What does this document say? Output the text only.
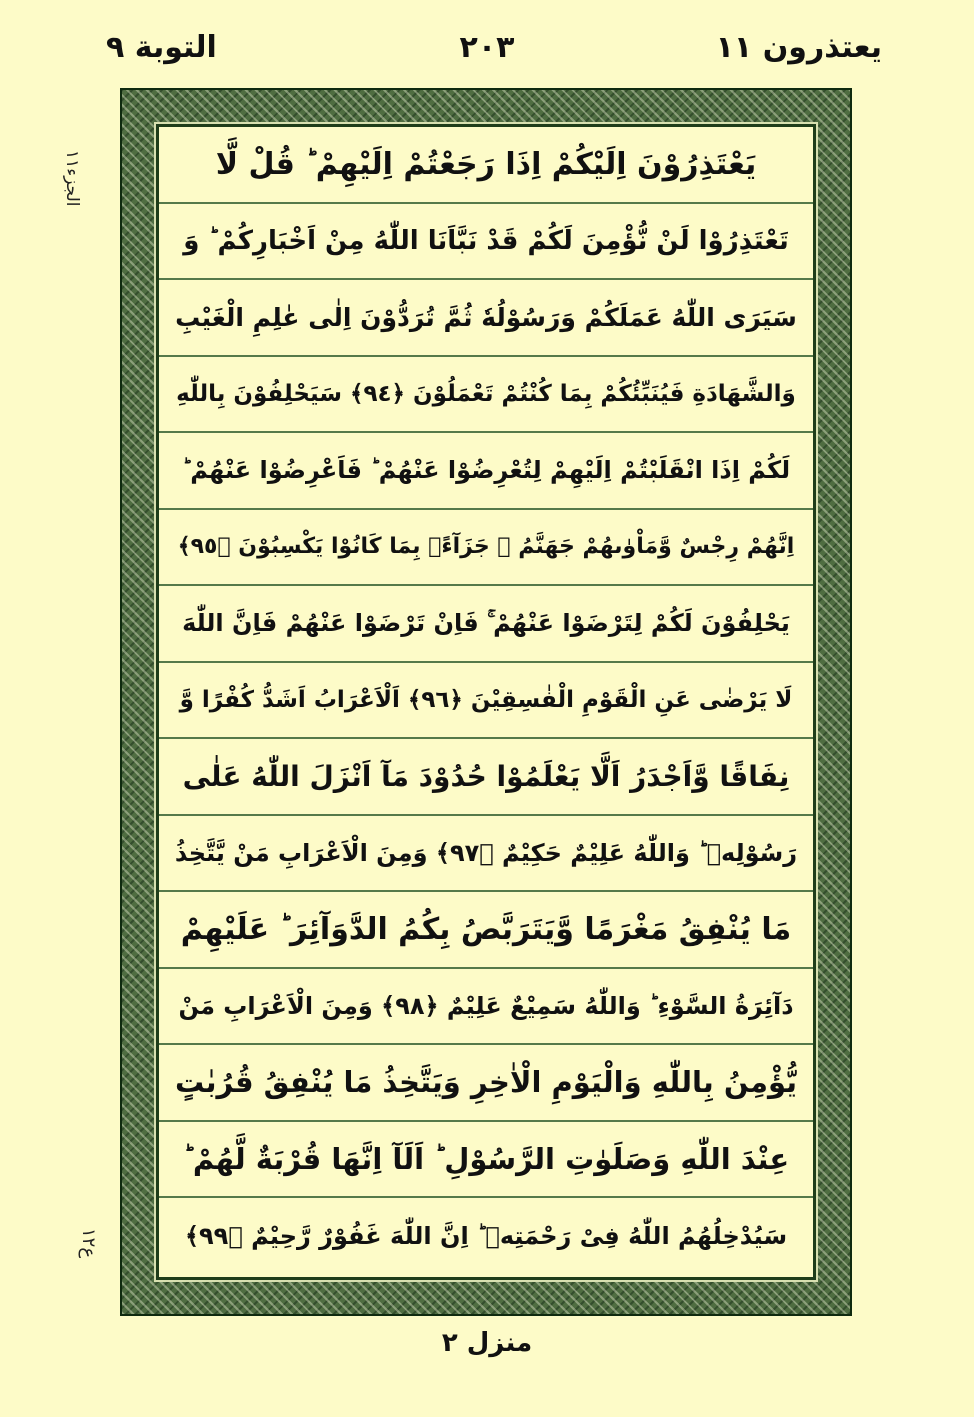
يعتذرون ١١
٢٠٣
التوبة ٩
الجزء١١
ع١٢
يَعْتَذِرُوْنَ اِلَيْكُمْ اِذَا رَجَعْتُمْ اِلَيْهِمْ ؕ قُلْ لَّا
تَعْتَذِرُوْا لَنْ نُّؤْمِنَ لَكُمْ قَدْ نَبَّاَنَا اللّٰهُ مِنْ اَخْبَارِكُمْ ؕ وَ
سَيَرَى اللّٰهُ عَمَلَكُمْ وَرَسُوْلُهٗ ثُمَّ تُرَدُّوْنَ اِلٰى عٰلِمِ الْغَيْبِ
وَالشَّهَادَةِ فَيُنَبِّئُكُمْ بِمَا كُنْتُمْ تَعْمَلُوْنَ ﴿٩٤﴾ سَيَحْلِفُوْنَ بِاللّٰهِ
لَكُمْ اِذَا انْقَلَبْتُمْ اِلَيْهِمْ لِتُعْرِضُوْا عَنْهُمْ ؕ فَاَعْرِضُوْا عَنْهُمْ ؕ
اِنَّهُمْ رِجْسٌ وَّمَاْوٰىهُمْ جَهَنَّمُ ۚ جَزَآءًۢ بِمَا كَانُوْا يَكْسِبُوْنَ ﴿٩٥﴾
يَحْلِفُوْنَ لَكُمْ لِتَرْضَوْا عَنْهُمْ ۚ فَاِنْ تَرْضَوْا عَنْهُمْ فَاِنَّ اللّٰهَ
لَا يَرْضٰى عَنِ الْقَوْمِ الْفٰسِقِيْنَ ﴿٩٦﴾ اَلْاَعْرَابُ اَشَدُّ كُفْرًا وَّ
نِفَاقًا وَّاَجْدَرُ اَلَّا يَعْلَمُوْا حُدُوْدَ مَآ اَنْزَلَ اللّٰهُ عَلٰى
رَسُوْلِهٖ ؕ وَاللّٰهُ عَلِيْمٌ حَكِيْمٌ ﴿٩٧﴾ وَمِنَ الْاَعْرَابِ مَنْ يَّتَّخِذُ
مَا يُنْفِقُ مَغْرَمًا وَّيَتَرَبَّصُ بِكُمُ الدَّوَآئِرَ ؕ عَلَيْهِمْ
دَآئِرَةُ السَّوْءِ ؕ وَاللّٰهُ سَمِيْعٌ عَلِيْمٌ ﴿٩٨﴾ وَمِنَ الْاَعْرَابِ مَنْ
يُّؤْمِنُ بِاللّٰهِ وَالْيَوْمِ الْاٰخِرِ وَيَتَّخِذُ مَا يُنْفِقُ قُرُبٰتٍ
عِنْدَ اللّٰهِ وَصَلَوٰتِ الرَّسُوْلِ ؕ اَلَآ اِنَّهَا قُرْبَةٌ لَّهُمْ ؕ
سَيُدْخِلُهُمُ اللّٰهُ فِىْ رَحْمَتِهٖ ؕ اِنَّ اللّٰهَ غَفُوْرٌ رَّحِيْمٌ ﴿٩٩﴾
منزل ٢
